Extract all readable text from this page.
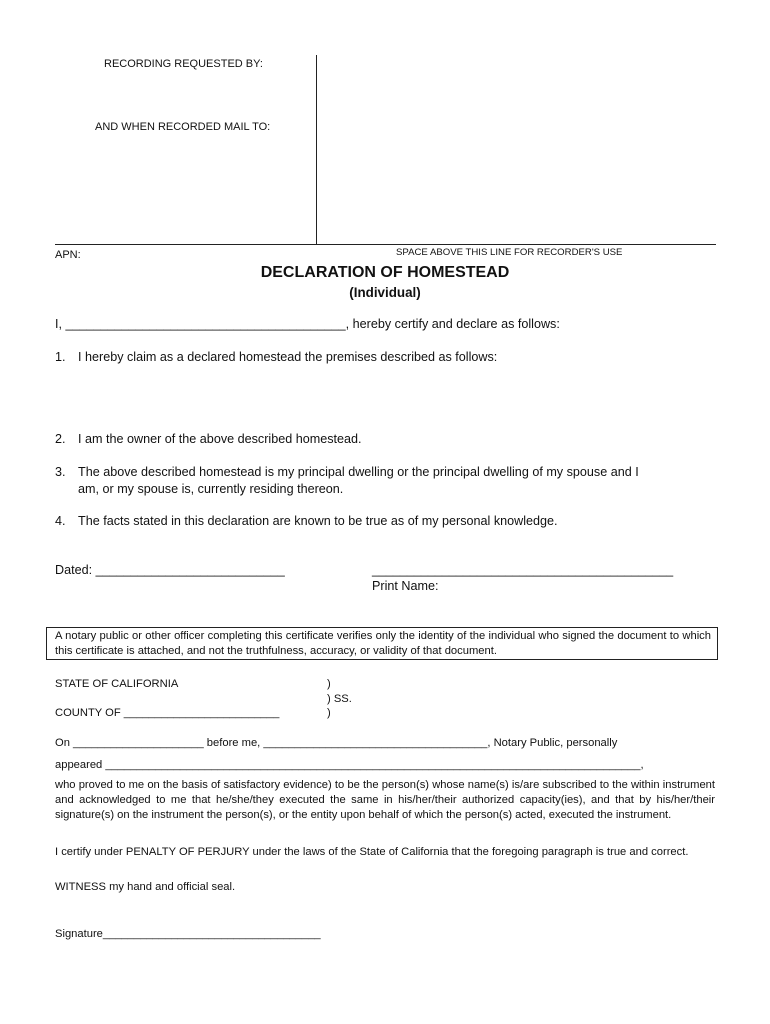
RECORDING REQUESTED BY:
AND WHEN RECORDED MAIL TO:
APN:	SPACE ABOVE THIS LINE FOR RECORDER'S USE
DECLARATION OF HOMESTEAD
(Individual)
I, ________________________________________, hereby certify and declare as follows:
1. I hereby claim as a declared homestead the premises described as follows:
2. I am the owner of the above described homestead.
3. The above described homestead is my principal dwelling or the principal dwelling of my spouse and I
am, or my spouse is, currently residing thereon.
4. The facts stated in this declaration are known to be true as of my personal knowledge.
Dated: ___________________________	___________________________________________
Print Name:
A notary public or other officer completing this certificate verifies only the identity of the individual who signed the document to which this certificate is attached, and not the truthfulness, accuracy, or validity of that document.
STATE OF CALIFORNIA	)
) SS.
COUNTY OF _________________________	)
On _____________________ before me, ____________________________________, Notary Public, personally
appeared ______________________________________________________________________________________,
who proved to me on the basis of satisfactory evidence) to be the person(s) whose name(s) is/are subscribed to the within instrument and acknowledged to me that he/she/they executed the same in his/her/their authorized capacity(ies), and that by his/her/their signature(s) on the instrument the person(s), or the entity upon behalf of which the person(s) acted, executed the instrument.
I certify under PENALTY OF PERJURY under the laws of the State of California that the foregoing paragraph is true and correct.
WITNESS my hand and official seal.
Signature___________________________________
